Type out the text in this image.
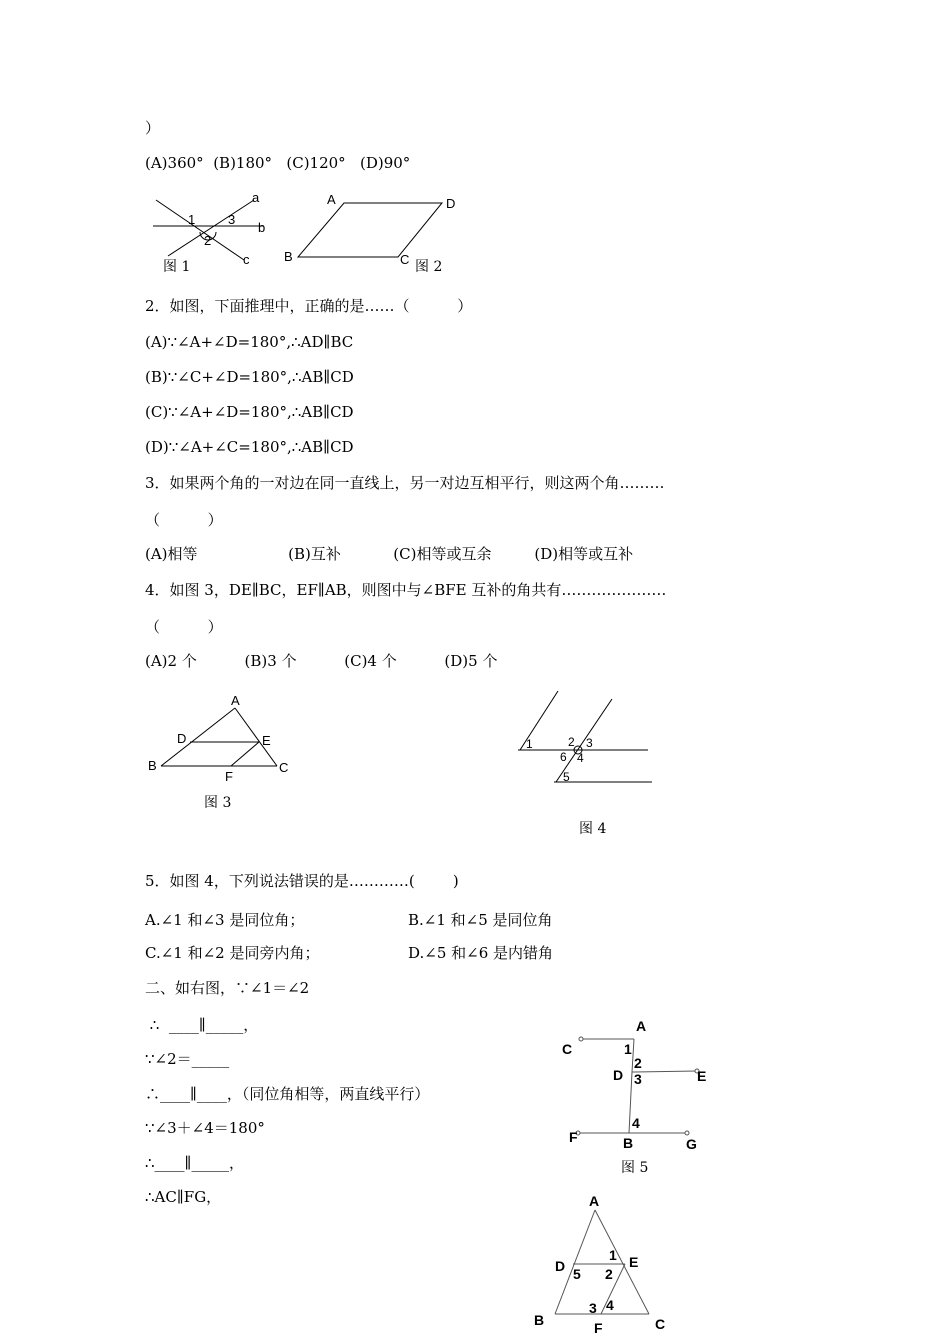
）
(A)360°  (B)180°   (C)120°   (D)90°
a
b
c
1
2
3
图 1
A	D
B	C 图 2
2．如图，下面推理中，正确的是……（          ）
(A)∵∠A+∠D=180°,∴AD∥BC
(B)∵∠C+∠D=180°,∴AB∥CD
(C)∵∠A+∠D=180°,∴AB∥CD
(D)∵∠A+∠C=180°,∴AB∥CD
3．如果两个角的一对边在同一直线上，另一对边互相平行，则这两个角………
（          ）
(A)相等                   (B)互补           (C)相等或互余         (D)相等或互补
4．如图 3，DE∥BC，EF∥AB，则图中与∠BFE 互补的角共有…………………
（          ）
(A)2 个          (B)3 个          (C)4 个          (D)5 个
A
D	E
B
F
C
图 3
1	2 3
6 4
5
图 4
5．如图 4，下列说法错误的是…………(        )
A.∠1 和∠3 是同位角；	B.∠1 和∠5 是同位角
C.∠1 和∠2 是同旁内角；	D.∠5 和∠6 是内错角
二、如右图，∵∠1＝∠2
∴  ____∥_____，
∵∠2＝_____
∴____∥____，（同位角相等，两直线平行）
∵∠3＋∠4＝180°
∴____∥_____，
∴AC∥FG，
A
C	1
2
D 3	E
4
F	B	G
图 5
A
D
1 E
5 2
3 4
B	F	C
